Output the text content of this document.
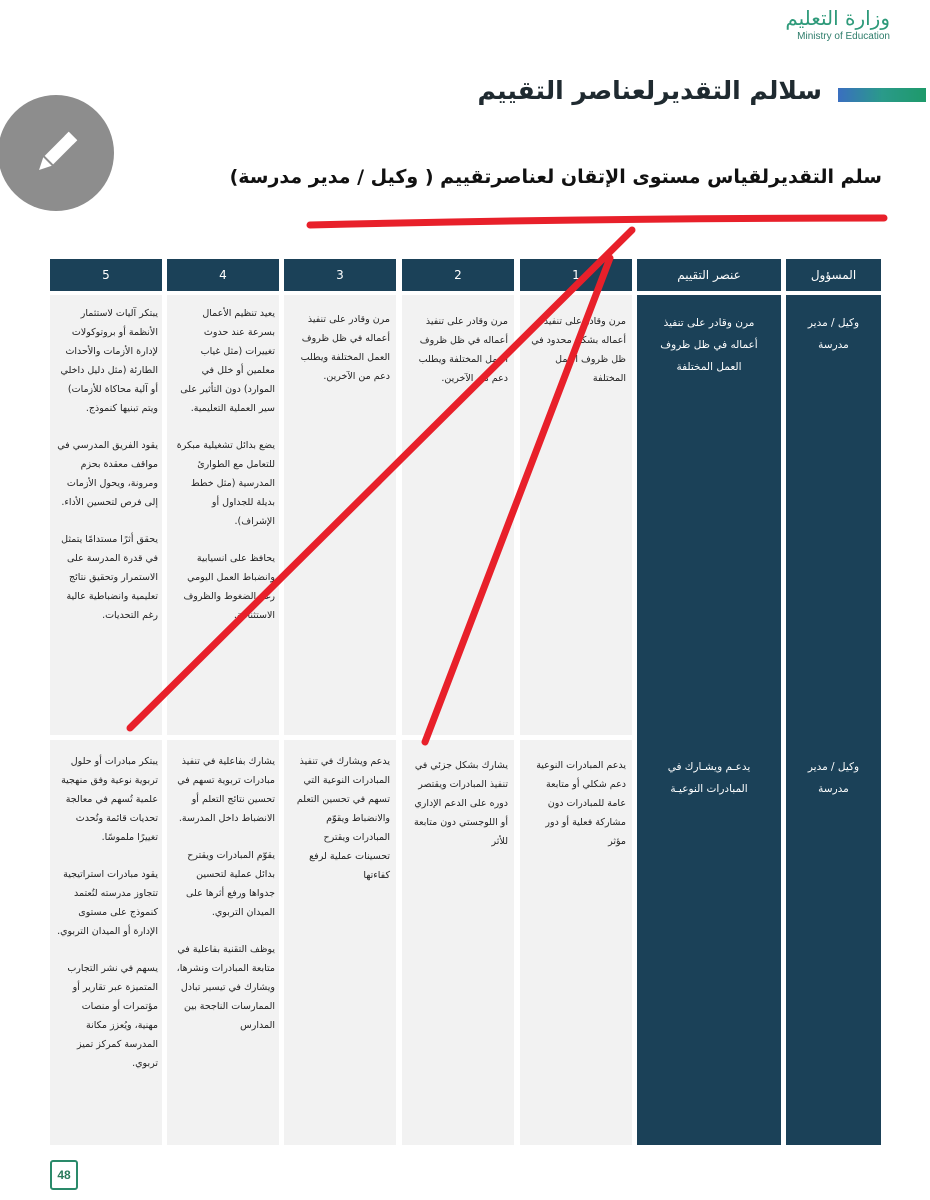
وزارة التعليم
Ministry of Education
سلالم التقديرلعناصر التقييم
سلم التقديرلقياس مستوى الإتقان لعناصرتقييم ( وكيل / مدير مدرسة)
المسؤول
عنصر التقييم
1
2
3
4
5
وكيل / مدير مدرسة
مرن وقادر على تنفيذ أعماله في ظل ظروف العمل المختلفة
مرن وقادر على تنفيذ أعماله بشكل محدود في ظل ظروف العمل المختلفة
مرن وقادر على تنفيذ أعماله في ظل ظروف العمل المختلفة ويطلب دعم من الآخرين.
مرن وقادر على تنفيذ أعماله في ظل ظروف العمل المختلفة ويطلب دعم من الآخرين.

يعيد تنظيم الأعمال بسرعة عند حدوث تغييرات (مثل غياب معلمين أو خلل في الموارد) دون التأثير على سير العملية التعليمية.

يضع بدائل تشغيلية مبكرة للتعامل مع الطوارئ المدرسية (مثل خطط بديلة للجداول أو الإشراف).

يحافظ على انسيابية وانضباط العمل اليومي رغم الضغوط والظروف الاستثنائية.

يبتكر آليات لاستثمار الأنظمة أو بروتوكولات لإدارة الأزمات والأحداث الطارئة (مثل دليل داخلي أو آلية محاكاة للأزمات) ويتم تبنيها كنموذج.

يقود الفريق المدرسي في مواقف معقدة بحزم ومرونة، ويحول الأزمات إلى فرص لتحسين الأداء.

يحقق أثرًا مستدامًا يتمثل في قدرة المدرسة على الاستمرار وتحقيق نتائج تعليمية وانضباطية عالية رغم التحديات.

وكيل / مدير مدرسة
يدعـم ويشـارك في المبادرات النوعيـة
يدعم المبادرات النوعية دعم شكلي أو متابعة عامة للمبادرات دون مشاركة فعلية أو دور مؤثر
يشارك بشكل جزئي في تنفيذ المبادرات ويقتصر دوره على الدعم الإداري أو اللوجستي دون متابعة للأثر
يدعم ويشارك في تنفيذ المبادرات النوعية التي تسهم في تحسين التعلم والانضباط ويقوّم المبادرات ويقترح تحسينات عملية لرفع كفاءتها

يشارك بفاعلية في تنفيذ مبادرات تربوية تسهم في تحسين نتائج التعلم أو الانضباط داخل المدرسة.

يقوّم المبادرات ويقترح بدائل عملية لتحسين جدواها ورفع أثرها على الميدان التربوي.

يوظف التقنية بفاعلية في متابعة المبادرات ونشرها، ويشارك في تيسير تبادل الممارسات الناجحة بين المدارس

يبتكر مبادرات أو حلول تربوية نوعية وفق منهجية علمية تُسهم في معالجة تحديات قائمة وتُحدث تغييرًا ملموسًا.

يقود مبادرات استراتيجية تتجاوز مدرسته لتُعتمد كنموذج على مستوى الإدارة أو الميدان التربوي.

يسهم في نشر التجارب المتميزة عبر تقارير أو مؤتمرات أو منصات مهنية، ويُعزز مكانة المدرسة كمركز تميز تربوي.

48
